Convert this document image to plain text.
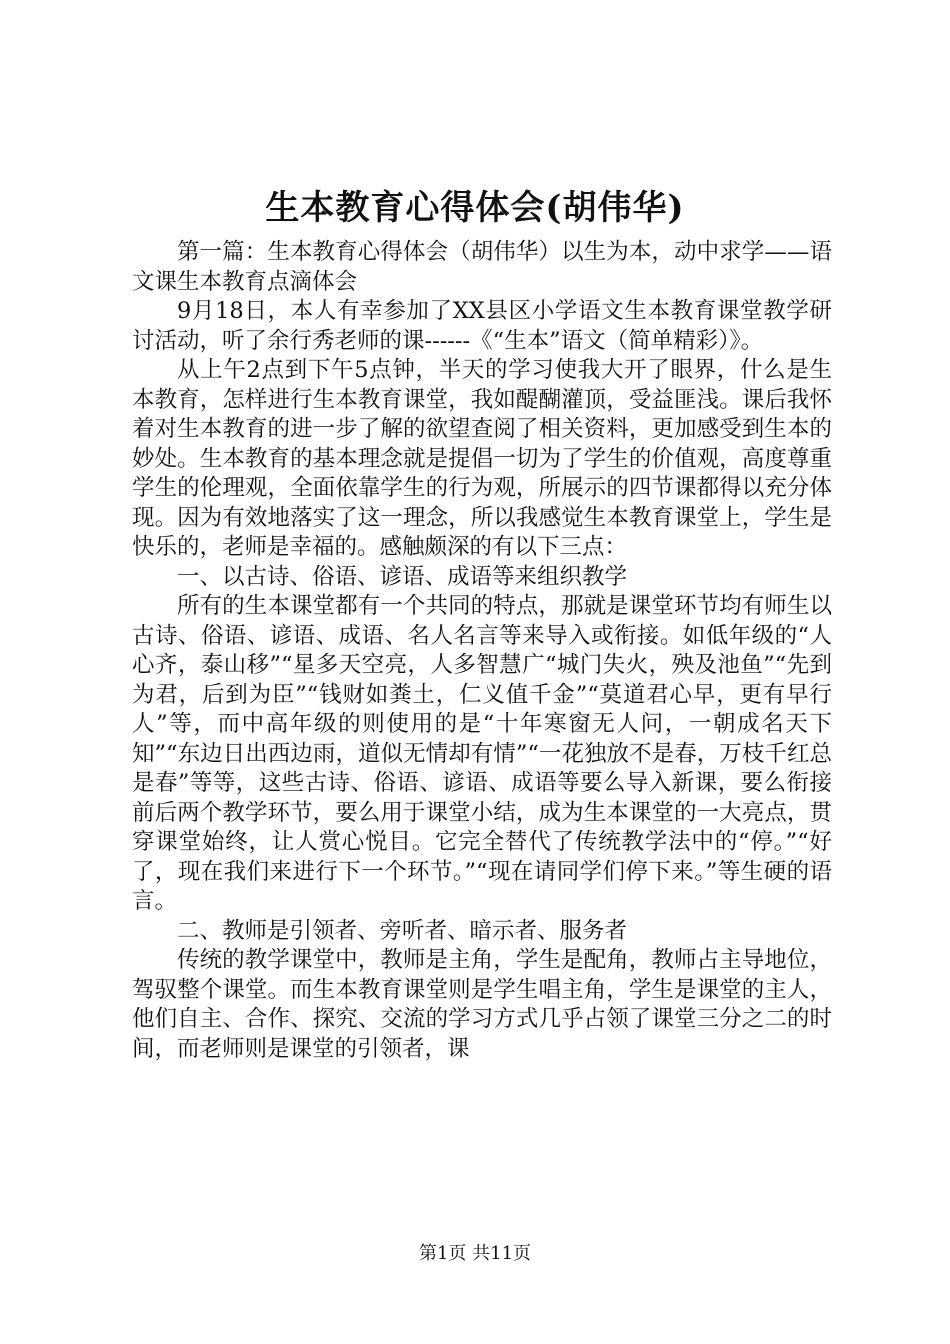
生本教育心得体会(胡伟华)

第一篇：生本教育心得体会（胡伟华）以生为本，动中求学——语文课生本教育点滴体会

9月18日，本人有幸参加了XX县区小学语文生本教育课堂教学研讨活动，听了余行秀老师的课------《“生本”语文（简单精彩）》。

从上午2点到下午5点钟，半天的学习使我大开了眼界，什么是生本教育，怎样进行生本教育课堂，我如醍醐灌顶，受益匪浅。课后我怀着对生本教育的进一步了解的欲望查阅了相关资料，更加感受到生本的妙处。生本教育的基本理念就是提倡一切为了学生的价值观，高度尊重学生的伦理观，全面依靠学生的行为观，所展示的四节课都得以充分体现。因为有效地落实了这一理念，所以我感觉生本教育课堂上，学生是快乐的，老师是幸福的。感触颇深的有以下三点：

一、以古诗、俗语、谚语、成语等来组织教学

所有的生本课堂都有一个共同的特点，那就是课堂环节均有师生以古诗、俗语、谚语、成语、名人名言等来导入或衔接。如低年级的“人心齐，泰山移”“星多天空亮，人多智慧广“城门失火，殃及池鱼”“先到为君，后到为臣”“钱财如粪土，仁义值千金”“莫道君心早，更有早行人”等，而中高年级的则使用的是“十年寒窗无人问，一朝成名天下知”“东边日出西边雨，道似无情却有情”“一花独放不是春，万枝千红总是春”等等，这些古诗、俗语、谚语、成语等要么导入新课，要么衔接前后两个教学环节，要么用于课堂小结，成为生本课堂的一大亮点，贯穿课堂始终，让人赏心悦目。它完全替代了传统教学法中的“停。”“好了，现在我们来进行下一个环节。”“现在请同学们停下来。”等生硬的语言。

二、教师是引领者、旁听者、暗示者、服务者

传统的教学课堂中，教师是主角，学生是配角，教师占主导地位，驾驭整个课堂。而生本教育课堂则是学生唱主角，学生是课堂的主人，他们自主、合作、探究、交流的学习方式几乎占领了课堂三分之二的时间，而老师则是课堂的引领者，课

第1页 共11页
